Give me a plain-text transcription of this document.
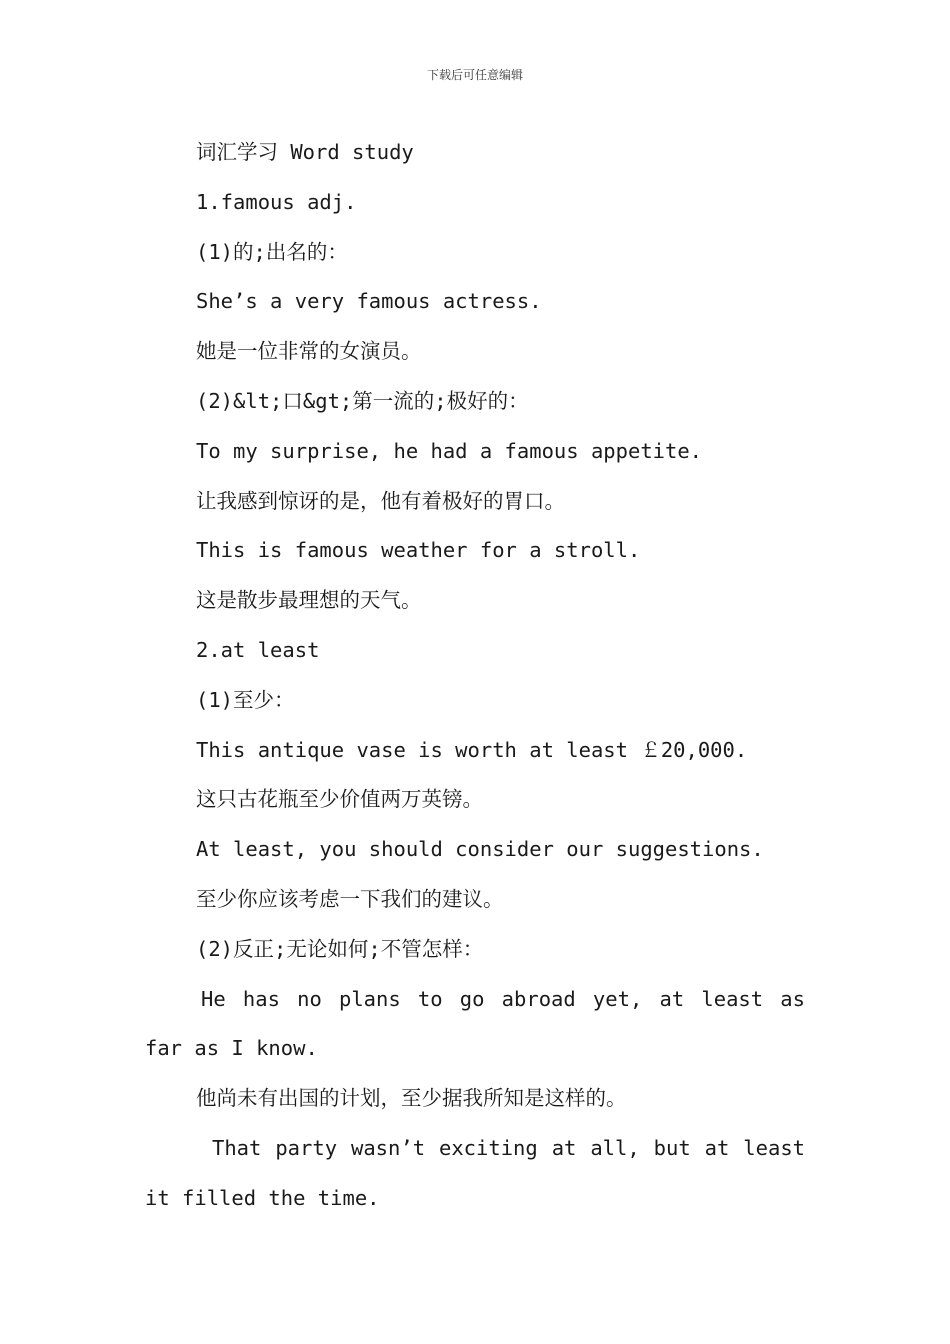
下载后可任意编辑
词汇学习 Word study
1.famous adj.
(1)的;出名的：
She’s a very famous actress.
她是一位非常的女演员。
(2)&lt;口&gt;第一流的;极好的：
To my surprise, he had a famous appetite.
让我感到惊讶的是，他有着极好的胃口。
This is famous weather for a stroll.
这是散步最理想的天气。
2.at least
(1)至少：
This antique vase is worth at least ￡20,000.
这只古花瓶至少价值两万英镑。
At least, you should consider our suggestions.
至少你应该考虑一下我们的建议。
(2)反正;无论如何;不管怎样：
He has no plans to go abroad yet, at least as far as I know.
他尚未有出国的计划，至少据我所知是这样的。
That party wasn’t exciting at all, but at least it filled the time.
